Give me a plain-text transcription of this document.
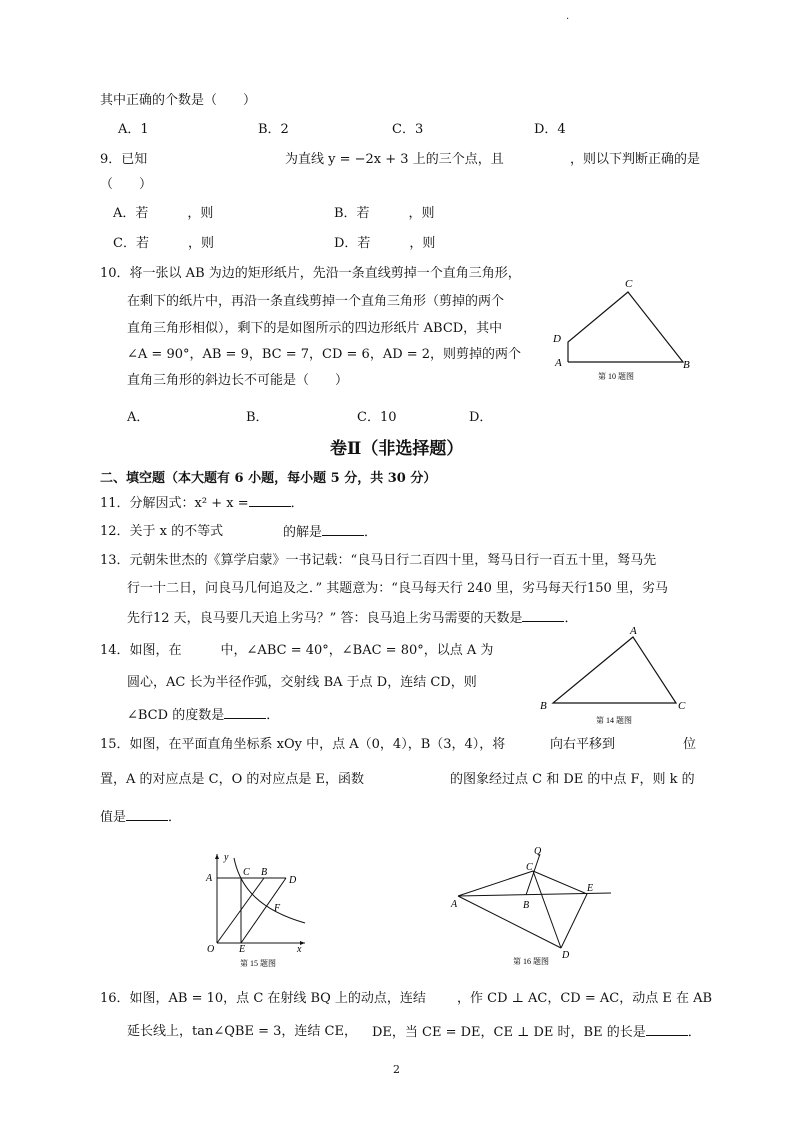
.
其中正确的个数是（　　）
A．1	B．2	C．3	D．4
9．已知	为直线 y = −2x + 3 上的三个点，且	，则以下判断正确的是
（　　）
A．若　　　，则	B．若　　　，则
C．若　　　，则	D．若　　　，则
10．将一张以 AB 为边的矩形纸片，先沿一条直线剪掉一个直角三角形，
在剩下的纸片中，再沿一条直线剪掉一个直角三角形（剪掉的两个
直角三角形相似），剩下的是如图所示的四边形纸片 ABCD，其中
∠A = 90°，AB = 9，BC = 7，CD = 6，AD = 2，则剪掉的两个
直角三角形的斜边长不可能是（　　）
A．	B．	C．10	D．
C
D
A	B
第 10 题图
卷Ⅱ（非选择题）
二、填空题（本大题有 6 小题，每小题 5 分，共 30 分）
11．分解因式：x² + x =	．
12．关于 x 的不等式	的解是	．
13．元朝朱世杰的《算学启蒙》一书记载：“良马日行二百四十里，驽马日行一百五十里，驽马先
行一十二日，问良马几何追及之．” 其题意为：“良马每天行 240 里，劣马每天行150 里，劣马
先行12 天，良马要几天追上劣马？” 答：良马追上劣马需要的天数是	．
14．如图，在　　　中，∠ABC = 40°，∠BAC = 80°，以点 A 为
圆心，AC 长为半径作弧，交射线 BA 于点 D，连结 CD，则
∠BCD 的度数是	．
A
B	C
第 14 题图
15．如图，在平面直角坐标系 xOy 中，点 A（0，4），B（3，4），将	向右平移到	位
置，A 的对应点是 C，O 的对应点是 E，函数	的图象经过点 C 和 DE 的中点 F，则 k 的
值是	．
y
A
C B
D
F
O E	x
第 15 题图
Q
C
A	B
E
D
第 16 题图
16．如图，AB = 10，点 C 在射线 BQ 上的动点，连结 ，作 CD ⊥ AC，CD = AC，动点 E 在 AB
延长线上，tan∠QBE = 3，连结 CE， DE，当 CE = DE，CE ⊥ DE 时，BE 的长是	．
2
